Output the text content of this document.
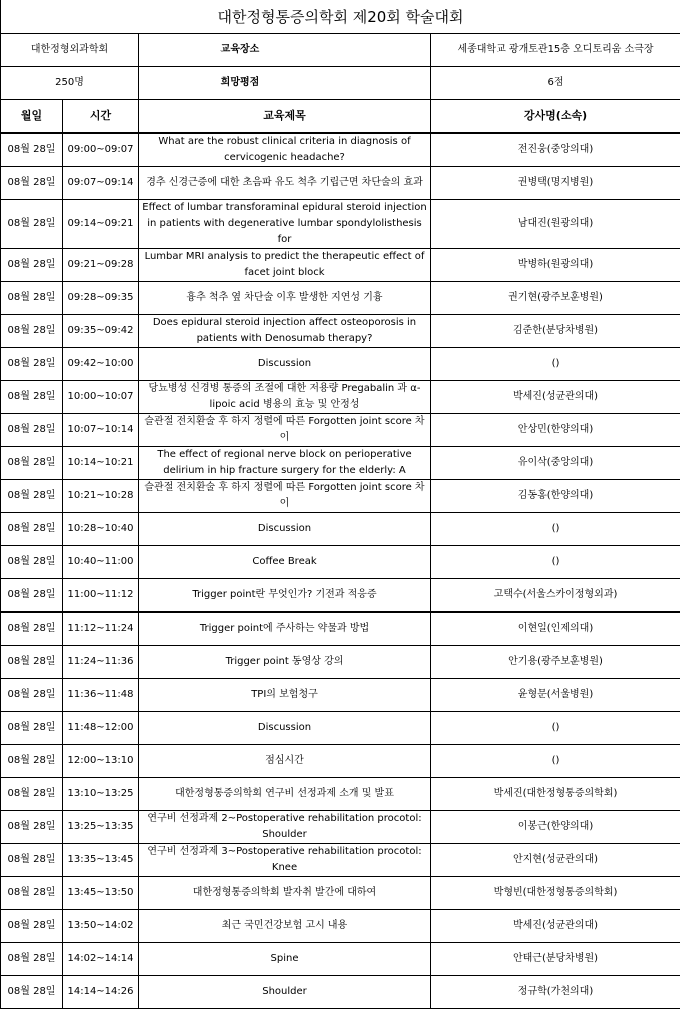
대한정형통증의학회 제20회 학술대회			
대한정형외과학회		교육장소	세종대학교 광개토관15층 오디토리움 소극장
250명		희망평점	6점
월일	시간	교육제목	강사명(소속)
08월 28일	09:00~09:07	What are the robust clinical criteria in diagnosis of cervicogenic headache?	전진웅(중앙의대)
08월 28일	09:07~09:14	경추 신경근증에 대한 초음파 유도 척추 기립근면 차단술의 효과	권병택(명지병원)
08월 28일	09:14~09:21	Effect of lumbar transforaminal epidural steroid injection in patients with degenerative lumbar spondylolisthesis for	남대진(원광의대)
08월 28일	09:21~09:28	Lumbar MRI analysis to predict the therapeutic effect of facet joint block	박병하(원광의대)
08월 28일	09:28~09:35	흉추 척추 옆 차단술 이후 발생한 지연성 기흉	권기현(광주보훈병원)
08월 28일	09:35~09:42	Does epidural steroid injection affect osteoporosis in patients with Denosumab therapy?	김준한(분당차병원)
08월 28일	09:42~10:00	Discussion	()
08월 28일	10:00~10:07	당뇨병성 신경병 통증의 조절에 대한 저용량 Pregabalin 과 α-lipoic acid 병용의 효능 및 안정성	박세진(성균관의대)
08월 28일	10:07~10:14	슬관절 전치환술 후 하지 정렬에 따른 Forgotten joint score 차이	안상민(한양의대)
08월 28일	10:14~10:21	The effect of regional nerve block on perioperative delirium in hip fracture surgery for the elderly: A	유이삭(중앙의대)
08월 28일	10:21~10:28	슬관절 전치환술 후 하지 정렬에 따른 Forgotten joint score 차이	김동홍(한양의대)
08월 28일	10:28~10:40	Discussion	()
08월 28일	10:40~11:00	Coffee Break	()
08월 28일	11:00~11:12	Trigger point란 무엇인가? 기전과 적응증	고택수(서울스카이정형외과)
08월 28일	11:12~11:24	Trigger point에 주사하는 약물과 방법	이현일(인제의대)
08월 28일	11:24~11:36	Trigger point 동영상 강의	안기용(광주보훈병원)
08월 28일	11:36~11:48	TPI의 보험청구	윤형문(서울병원)
08월 28일	11:48~12:00	Discussion	()
08월 28일	12:00~13:10	점심시간	()
08월 28일	13:10~13:25	대한정형통증의학회 연구비 선정과제 소개 및 발표	박세진(대한정형통증의학회)
08월 28일	13:25~13:35	연구비 선정과제 2~Postoperative rehabilitation procotol: Shoulder	이봉근(한양의대)
08월 28일	13:35~13:45	연구비 선정과제 3~Postoperative rehabilitation procotol: Knee	안지현(성균관의대)
08월 28일	13:45~13:50	대한정형통증의학회 발자취 발간에 대하여	박형빈(대한정형통증의학회)
08월 28일	13:50~14:02	최근 국민건강보험 고시 내용	박세진(성균관의대)
08월 28일	14:02~14:14	Spine	안태근(분당차병원)
08월 28일	14:14~14:26	Shoulder	정규학(가천의대)
